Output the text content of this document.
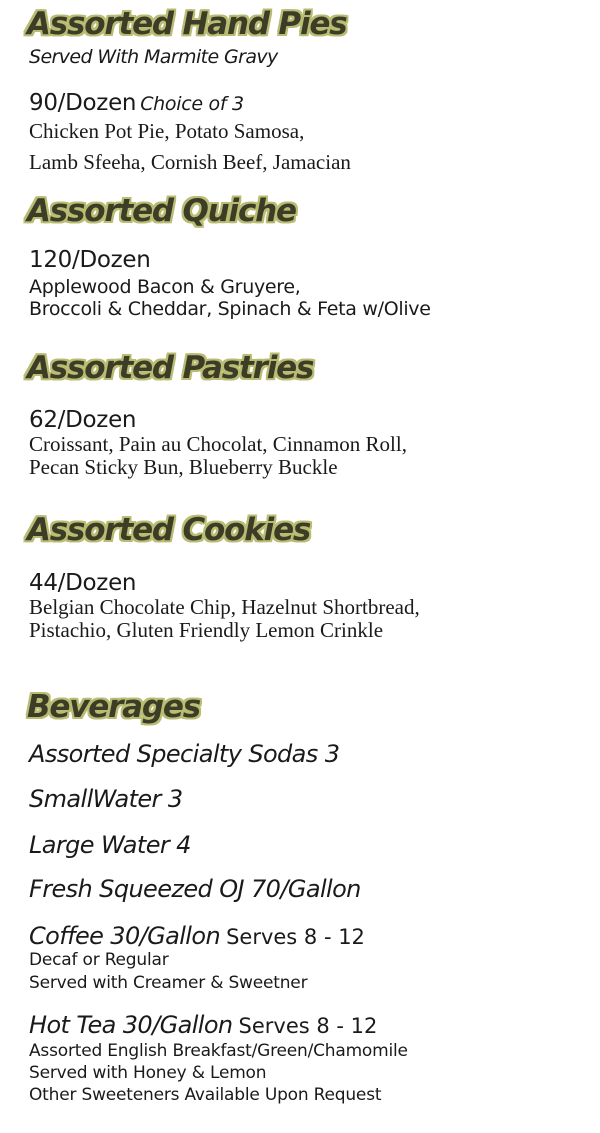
Assorted Hand Pies
Served With Marmite Gravy
90/Dozen Choice of 3
Chicken Pot Pie, Potato Samosa,
Lamb Sfeeha, Cornish Beef, Jamacian
Assorted Quiche
120/Dozen
Applewood Bacon & Gruyere,
Broccoli & Cheddar, Spinach & Feta w/Olive
Assorted Pastries
62/Dozen
Croissant, Pain au Chocolat, Cinnamon Roll,
Pecan Sticky Bun, Blueberry Buckle
Assorted Cookies
44/Dozen
Belgian Chocolate Chip, Hazelnut Shortbread,
Pistachio, Gluten Friendly Lemon Crinkle
Beverages
Assorted Specialty Sodas 3
SmallWater 3
Large Water 4
Fresh Squeezed OJ 70/Gallon
Coffee 30/Gallon Serves 8 - 12
Decaf or Regular
Served with Creamer & Sweetner
Hot Tea 30/Gallon Serves 8 - 12
Assorted English Breakfast/Green/Chamomile
Served with Honey & Lemon
Other Sweeteners Available Upon Request
